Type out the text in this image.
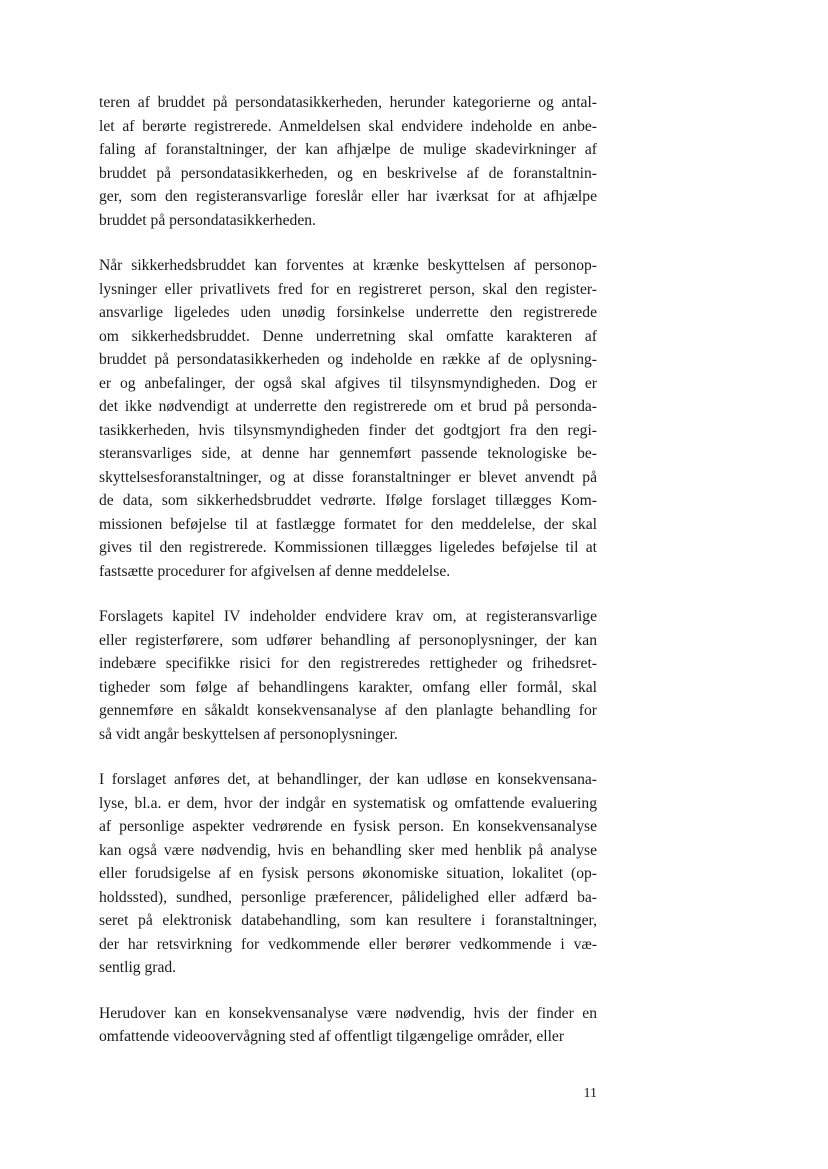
teren af bruddet på persondatasikkerheden, herunder kategorierne og antal-
let af berørte registrerede. Anmeldelsen skal endvidere indeholde en anbe-
faling af foranstaltninger, der kan afhjælpe de mulige skadevirkninger af
bruddet på persondatasikkerheden, og en beskrivelse af de foranstaltnin-
ger, som den registeransvarlige foreslår eller har iværksat for at afhjælpe
bruddet på persondatasikkerheden.

Når sikkerhedsbruddet kan forventes at krænke beskyttelsen af personop-
lysninger eller privatlivets fred for en registreret person, skal den register-
ansvarlige ligeledes uden unødig forsinkelse underrette den registrerede
om sikkerhedsbruddet. Denne underretning skal omfatte karakteren af
bruddet på persondatasikkerheden og indeholde en række af de oplysning-
er og anbefalinger, der også skal afgives til tilsynsmyndigheden. Dog er
det ikke nødvendigt at underrette den registrerede om et brud på personda-
tasikkerheden, hvis tilsynsmyndigheden finder det godtgjort fra den regi-
steransvarliges side, at denne har gennemført passende teknologiske be-
skyttelsesforanstaltninger, og at disse foranstaltninger er blevet anvendt på
de data, som sikkerhedsbruddet vedrørte. Ifølge forslaget tillægges Kom-
missionen beføjelse til at fastlægge formatet for den meddelelse, der skal
gives til den registrerede. Kommissionen tillægges ligeledes beføjelse til at
fastsætte procedurer for afgivelsen af denne meddelelse.

Forslagets kapitel IV indeholder endvidere krav om, at registeransvarlige
eller registerførere, som udfører behandling af personoplysninger, der kan
indebære specifikke risici for den registreredes rettigheder og frihedsret-
tigheder som følge af behandlingens karakter, omfang eller formål, skal
gennemføre en såkaldt konsekvensanalyse af den planlagte behandling for
så vidt angår beskyttelsen af personoplysninger.

I forslaget anføres det, at behandlinger, der kan udløse en konsekvensana-
lyse, bl.a. er dem, hvor der indgår en systematisk og omfattende evaluering
af personlige aspekter vedrørende en fysisk person. En konsekvensanalyse
kan også være nødvendig, hvis en behandling sker med henblik på analyse
eller forudsigelse af en fysisk persons økonomiske situation, lokalitet (op-
holdssted), sundhed, personlige præferencer, pålidelighed eller adfærd ba-
seret på elektronisk databehandling, som kan resultere i foranstaltninger,
der har retsvirkning for vedkommende eller berører vedkommende i væ-
sentlig grad.

Herudover kan en konsekvensanalyse være nødvendig, hvis der finder en
omfattende videoovervågning sted af offentligt tilgængelige områder, eller

11
